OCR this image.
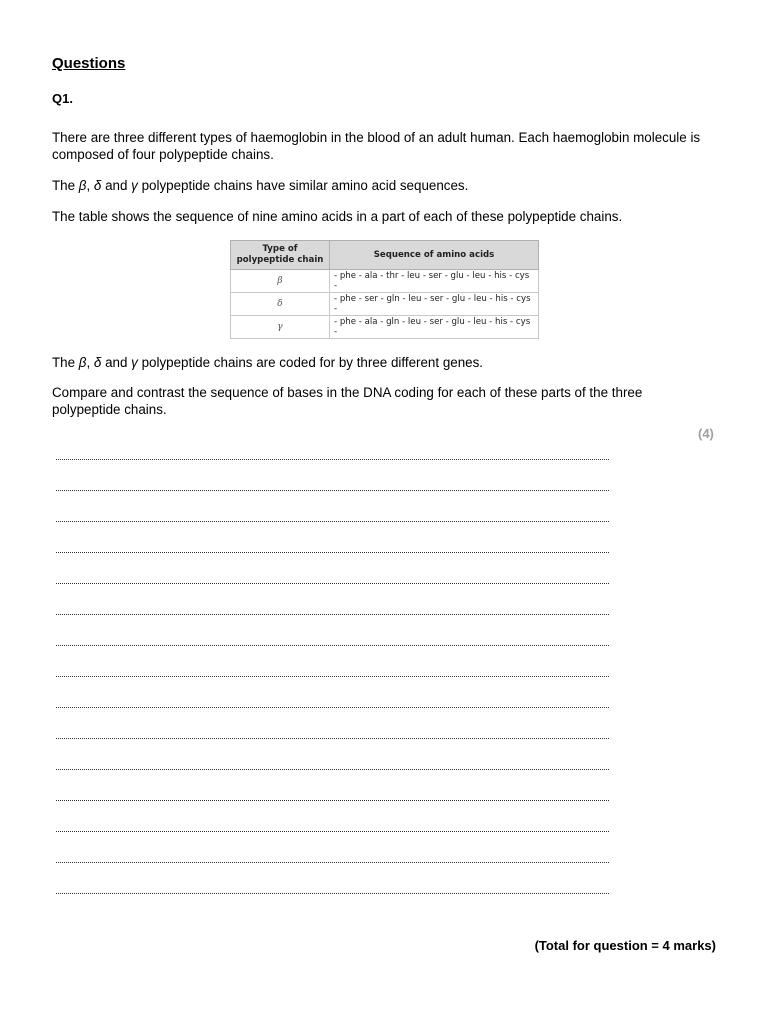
Questions
Q1.
There are three different types of haemoglobin in the blood of an adult human. Each haemoglobin molecule is composed of four polypeptide chains.
The β, δ and γ polypeptide chains have similar amino acid sequences.
The table shows the sequence of nine amino acids in a part of each of these polypeptide chains.
Type of
polypeptide chain	Sequence of amino acids
β	- phe - ala - thr - leu - ser - glu - leu - his - cys -
δ	- phe - ser - gln - leu - ser - glu - leu - his - cys -
γ	- phe - ala - gln - leu - ser - glu - leu - his - cys -
The β, δ and γ polypeptide chains are coded for by three different genes.
Compare and contrast the sequence of bases in the DNA coding for each of these parts of the three polypeptide chains.
(4)
(Total for question = 4 marks)
